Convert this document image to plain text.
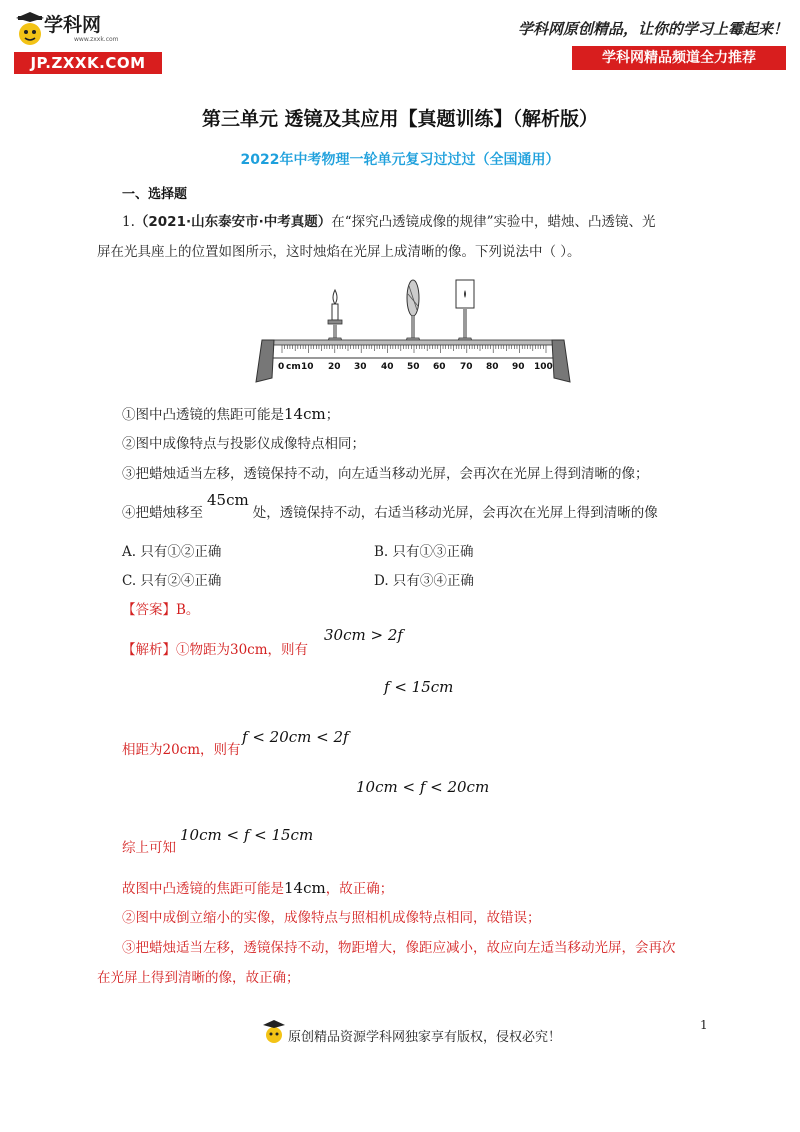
学科网
www.zxxk.com
JP.ZXXK.COM
学科网原创精品，让你的学习上霉起来！
学科网精品频道全力推荐
第三单元 透镜及其应用【真题训练】（解析版）
2022年中考物理一轮单元复习过过过（全国通用）
一、选择题
1.（2021·山东泰安市·中考真题）在“探究凸透镜成像的规律”实验中，蜡烛、凸透镜、光
屏在光具座上的位置如图所示，这时烛焰在光屏上成清晰的像。下列说法中（ ）。
0 cm 10 20 30 40 50 60 70 80 90 100
①图中凸透镜的焦距可能是14cm；
②图中成像特点与投影仪成像特点相同；
③把蜡烛适当左移，透镜保持不动，向左适当移动光屏，会再次在光屏上得到清晰的像；
④把蜡烛移至45cm处，透镜保持不动，右适当移动光屏，会再次在光屏上得到清晰的像
A. 只有①②正确	B. 只有①③正确
C. 只有②④正确	D. 只有③④正确
【答案】B。
【解析】①物距为30cm，则有
30cm > 2f
f < 15cm
相距为20cm，则有
f < 20cm < 2f
10cm < f < 20cm
综上可知
10cm < f < 15cm
故图中凸透镜的焦距可能是14cm，故正确；
②图中成倒立缩小的实像，成像特点与照相机成像特点相同，故错误；
③把蜡烛适当左移，透镜保持不动，物距增大，像距应减小，故应向左适当移动光屏，会再次
在光屏上得到清晰的像，故正确；
1
原创精品资源学科网独家享有版权，侵权必究！
